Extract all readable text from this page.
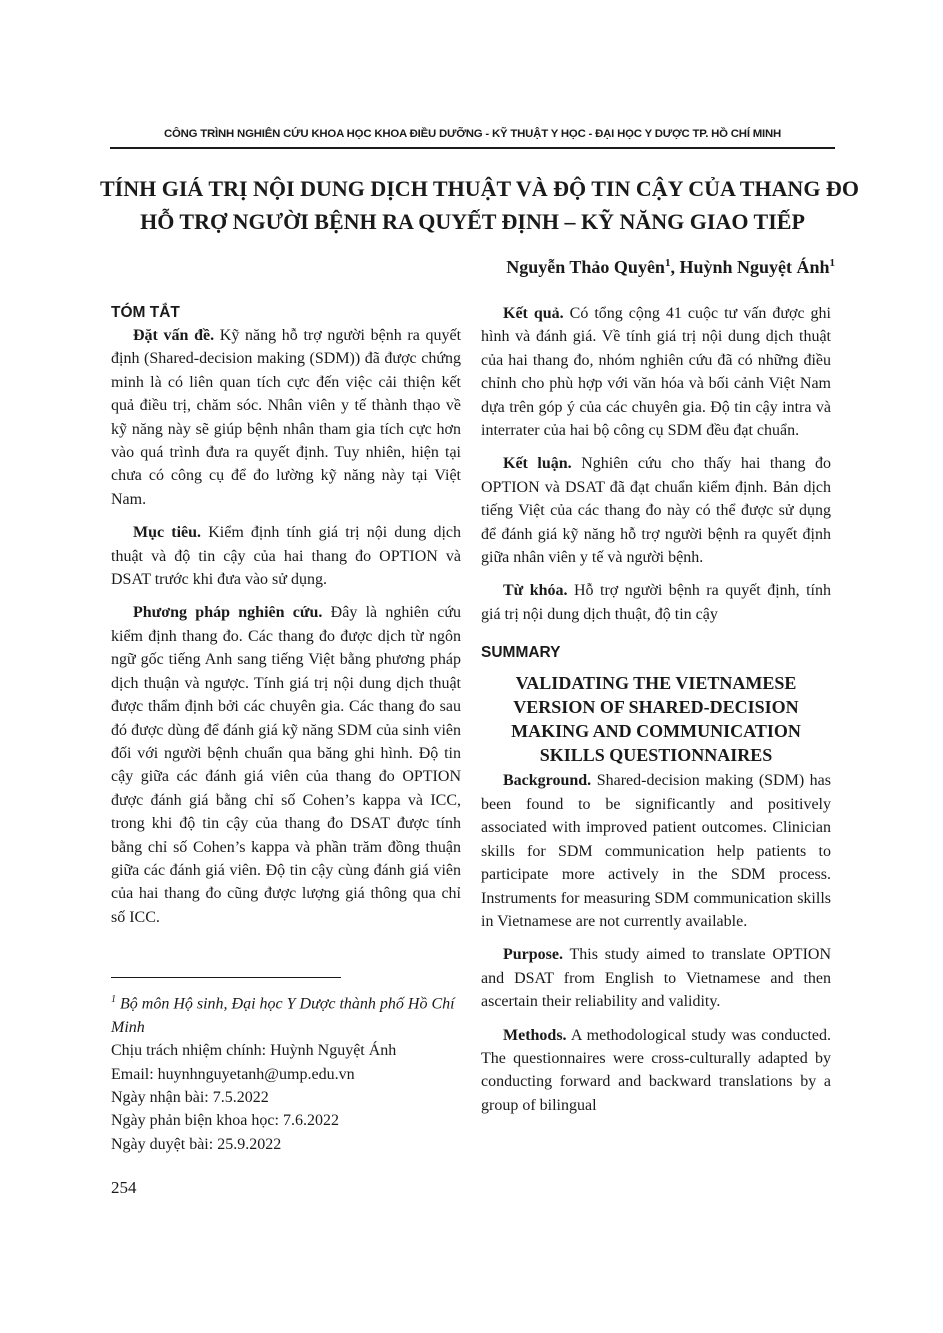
CÔNG TRÌNH NGHIÊN CỨU KHOA HỌC KHOA ĐIỀU DƯỠNG - KỸ THUẬT Y HỌC - ĐẠI HỌC Y DƯỢC TP. HỒ CHÍ MINH
TÍNH GIÁ TRỊ NỘI DUNG DỊCH THUẬT VÀ ĐỘ TIN CẬY CỦA THANG ĐO
HỖ TRỢ NGƯỜI BỆNH RA QUYẾT ĐỊNH – KỸ NĂNG GIAO TIẾP
Nguyễn Thảo Quyên$^1$, Huỳnh Nguyệt Ánh$^1$
TÓM TẮT

Đặt vấn đề. Kỹ năng hỗ trợ người bệnh ra quyết định (Shared-decision making (SDM)) đã được chứng minh là có liên quan tích cực đến việc cải thiện kết quả điều trị, chăm sóc. Nhân viên y tế thành thạo về kỹ năng này sẽ giúp bệnh nhân tham gia tích cực hơn vào quá trình đưa ra quyết định. Tuy nhiên, hiện tại chưa có công cụ để đo lường kỹ năng này tại Việt Nam.

Mục tiêu. Kiểm định tính giá trị nội dung dịch thuật và độ tin cậy của hai thang đo OPTION và DSAT trước khi đưa vào sử dụng.

Phương pháp nghiên cứu. Đây là nghiên cứu kiểm định thang đo. Các thang đo được dịch từ ngôn ngữ gốc tiếng Anh sang tiếng Việt bằng phương pháp dịch thuận và ngược. Tính giá trị nội dung dịch thuật được thẩm định bởi các chuyên gia. Các thang đo sau đó được dùng để đánh giá kỹ năng SDM của sinh viên đối với người bệnh chuẩn qua băng ghi hình. Độ tin cậy giữa các đánh giá viên của thang đo OPTION được đánh giá bằng chỉ số Cohen’s kappa và ICC, trong khi độ tin cậy của thang đo DSAT được tính bằng chỉ số Cohen’s kappa và phần trăm đồng thuận giữa các đánh giá viên. Độ tin cậy cùng đánh giá viên của hai thang đo cũng được lượng giá thông qua chỉ số ICC.

Kết quả. Có tổng cộng 41 cuộc tư vấn được ghi hình và đánh giá. Về tính giá trị nội dung dịch thuật của hai thang đo, nhóm nghiên cứu đã có những điều chỉnh cho phù hợp với văn hóa và bối cảnh Việt Nam dựa trên góp ý của các chuyên gia. Độ tin cậy intra và interrater của hai bộ công cụ SDM đều đạt chuẩn.

Kết luận. Nghiên cứu cho thấy hai thang đo OPTION và DSAT đã đạt chuẩn kiểm định. Bản dịch tiếng Việt của các thang đo này có thể được sử dụng để đánh giá kỹ năng hỗ trợ người bệnh ra quyết định giữa nhân viên y tế và người bệnh.

Từ khóa. Hỗ trợ người bệnh ra quyết định, tính giá trị nội dung dịch thuật, độ tin cậy

SUMMARY
VALIDATING THE VIETNAMESE
VERSION OF SHARED-DECISION
MAKING AND COMMUNICATION
SKILLS QUESTIONNAIRES

Background. Shared-decision making (SDM) has been found to be significantly and positively associated with improved patient outcomes. Clinician skills for SDM communication help patients to participate more actively in the SDM process. Instruments for measuring SDM communication skills in Vietnamese are not currently available.

Purpose. This study aimed to translate OPTION and DSAT from English to Vietnamese and then ascertain their reliability and validity.

Methods. A methodological study was conducted. The questionnaires were cross-culturally adapted by conducting forward and backward translations by a group of bilingual

$^1$ Bộ môn Hộ sinh, Đại học Y Dược thành phố Hồ Chí Minh
Chịu trách nhiệm chính: Huỳnh Nguyệt Ánh
Email: huynhnguyetanh@ump.edu.vn
Ngày nhận bài: 7.5.2022
Ngày phản biện khoa học: 7.6.2022
Ngày duyệt bài: 25.9.2022
254
